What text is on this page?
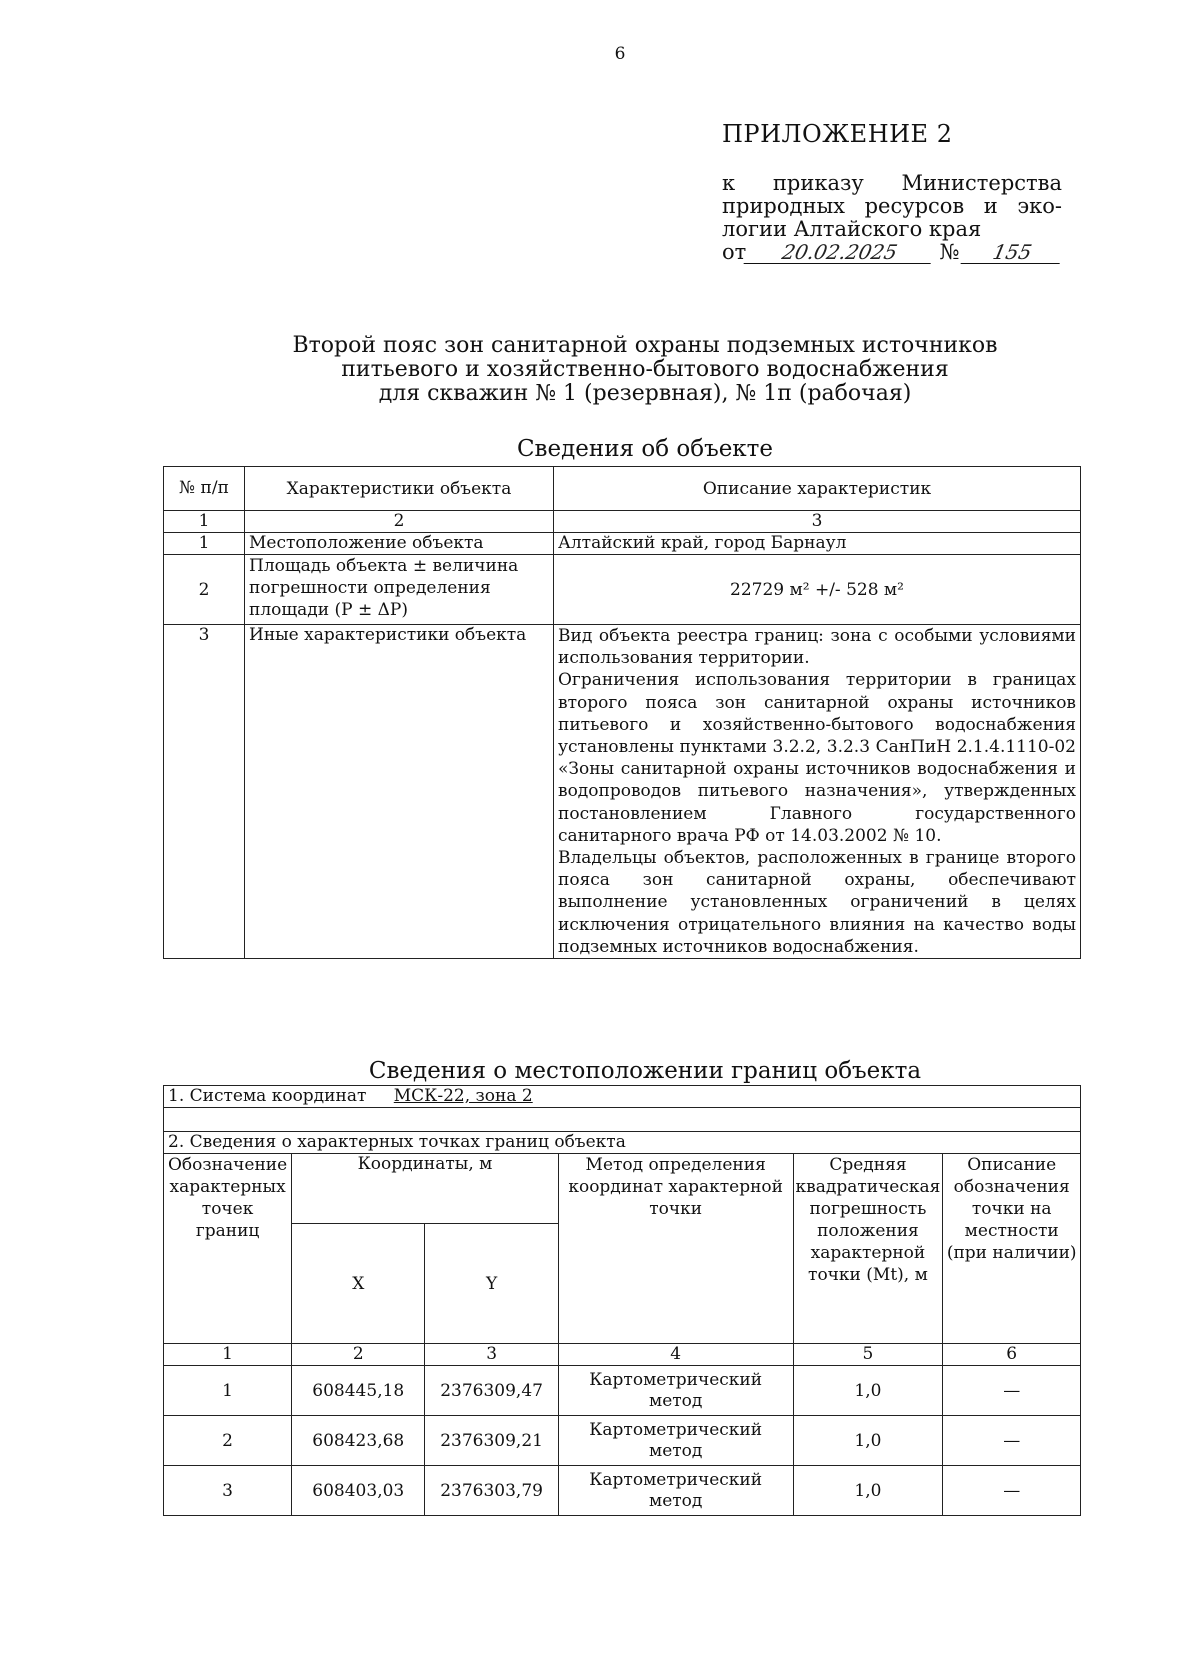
6
ПРИЛОЖЕНИЕ 2
к приказу Министерства
природных ресурсов и эко-
логии Алтайского края
от	20.02.2025	№	155
Второй пояс зон санитарной охраны подземных источников
питьевого и хозяйственно-бытового водоснабжения
для скважин № 1 (резервная), № 1п (рабочая)
Сведения об объекте
№ п/п	Характеристики объекта	Описание характеристик
1	2	3
1	Местоположение объекта	Алтайский край, город Барнаул
2	Площадь объекта ± величина погрешности определения площади (P ± ΔP)	22729 м² +/- 528 м²
3	Иные характеристики объекта	Вид объекта реестра границ: зона с особыми условиями использования территории.

Ограничения использования территории в границах второго пояса зон санитарной охраны источников питьевого и хозяйственно-бытового водоснабжения установлены пунктами 3.2.2, 3.2.3 СанПиН 2.1.4.1110-02 «Зоны санитарной охраны источников водоснабжения и водопроводов питьевого назначения», утвержденных постановлением Главного государственного санитарного врача РФ от 14.03.2002 № 10.

Владельцы объектов, расположенных в границе второго пояса зон санитарной охраны, обеспечивают выполнение установленных ограничений в целях исключения отрицательного влияния на качество воды подземных источников водоснабжения.

Сведения о местоположении границ объекта
1. Система координат МСК-22, зона 2					

2. Сведения о характерных точках границ объекта					
Обозначение характерных точек границ	Координаты, м		Метод определения координат характерной точки	Средняя квадратическая погрешность положения характерной точки (Mt), м	Описание обозначения точки на местности (при наличии)
	X	Y			
1	2	3	4	5	6
1	608445,18	2376309,47	Картометрический метод	1,0	—
2	608423,68	2376309,21	Картометрический метод	1,0	—
3	608403,03	2376303,79	Картометрический метод	1,0	—
